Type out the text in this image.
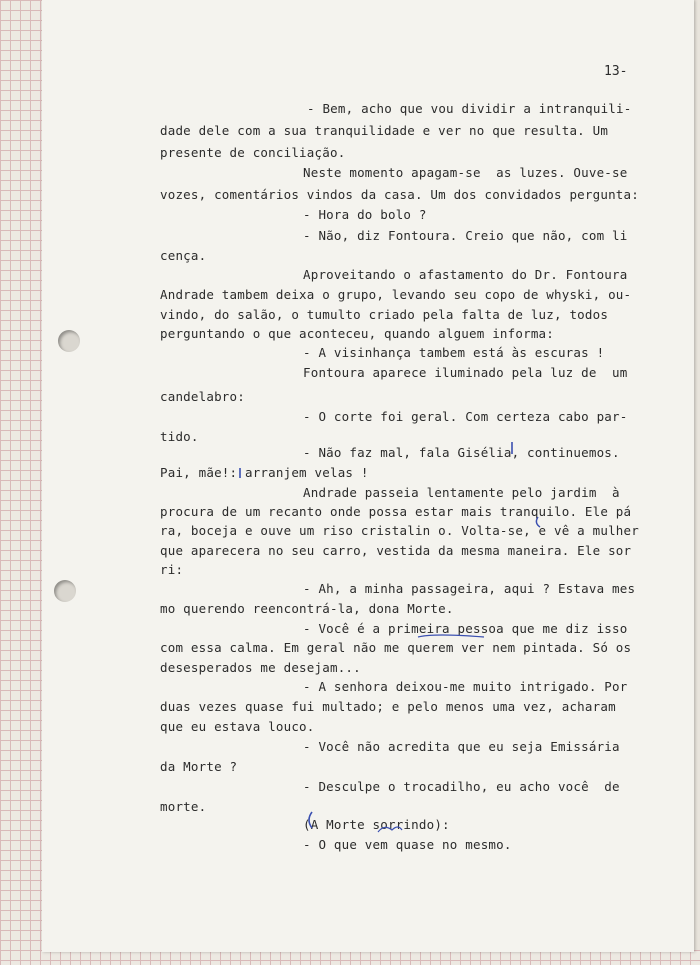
13-
- Bem, acho que vou dividir a intranquili-
dade dele com a sua tranquilidade e ver no que resulta. Um
presente de conciliação.
Neste momento apagam-se  as luzes. Ouve-se
vozes, comentários vindos da casa. Um dos convidados pergunta:
- Hora do bolo ?
- Não, diz Fontoura. Creio que não, com li
cença.
Aproveitando o afastamento do Dr. Fontoura
Andrade tambem deixa o grupo, levando seu copo de whyski, ou-
vindo, do salão, o tumulto criado pela falta de luz, todos
perguntando o que aconteceu, quando alguem informa:
- A visinhança tambem está às escuras !
Fontoura aparece iluminado pela luz de  um
candelabro:
- O corte foi geral. Com certeza cabo par-
tido.
- Não faz mal, fala Gisélia, continuemos.
Pai, mãe!: arranjem velas !
Andrade passeia lentamente pelo jardim  à
procura de um recanto onde possa estar mais tranquilo. Ele pá
ra, boceja e ouve um riso cristalin o. Volta-se, e vê a mulher
que aparecera no seu carro, vestida da mesma maneira. Ele sor
ri:
- Ah, a minha passageira, aqui ? Estava mes
mo querendo reencontrá-la, dona Morte.
- Você é a primeira pessoa que me diz isso
com essa calma. Em geral não me querem ver nem pintada. Só os
desesperados me desejam...
- A senhora deixou-me muito intrigado. Por
duas vezes quase fui multado; e pelo menos uma vez, acharam
que eu estava louco.
- Você não acredita que eu seja Emissária
da Morte ?
- Desculpe o trocadilho, eu acho você  de
morte.
(A Morte sorrindo):
- O que vem quase no mesmo.
